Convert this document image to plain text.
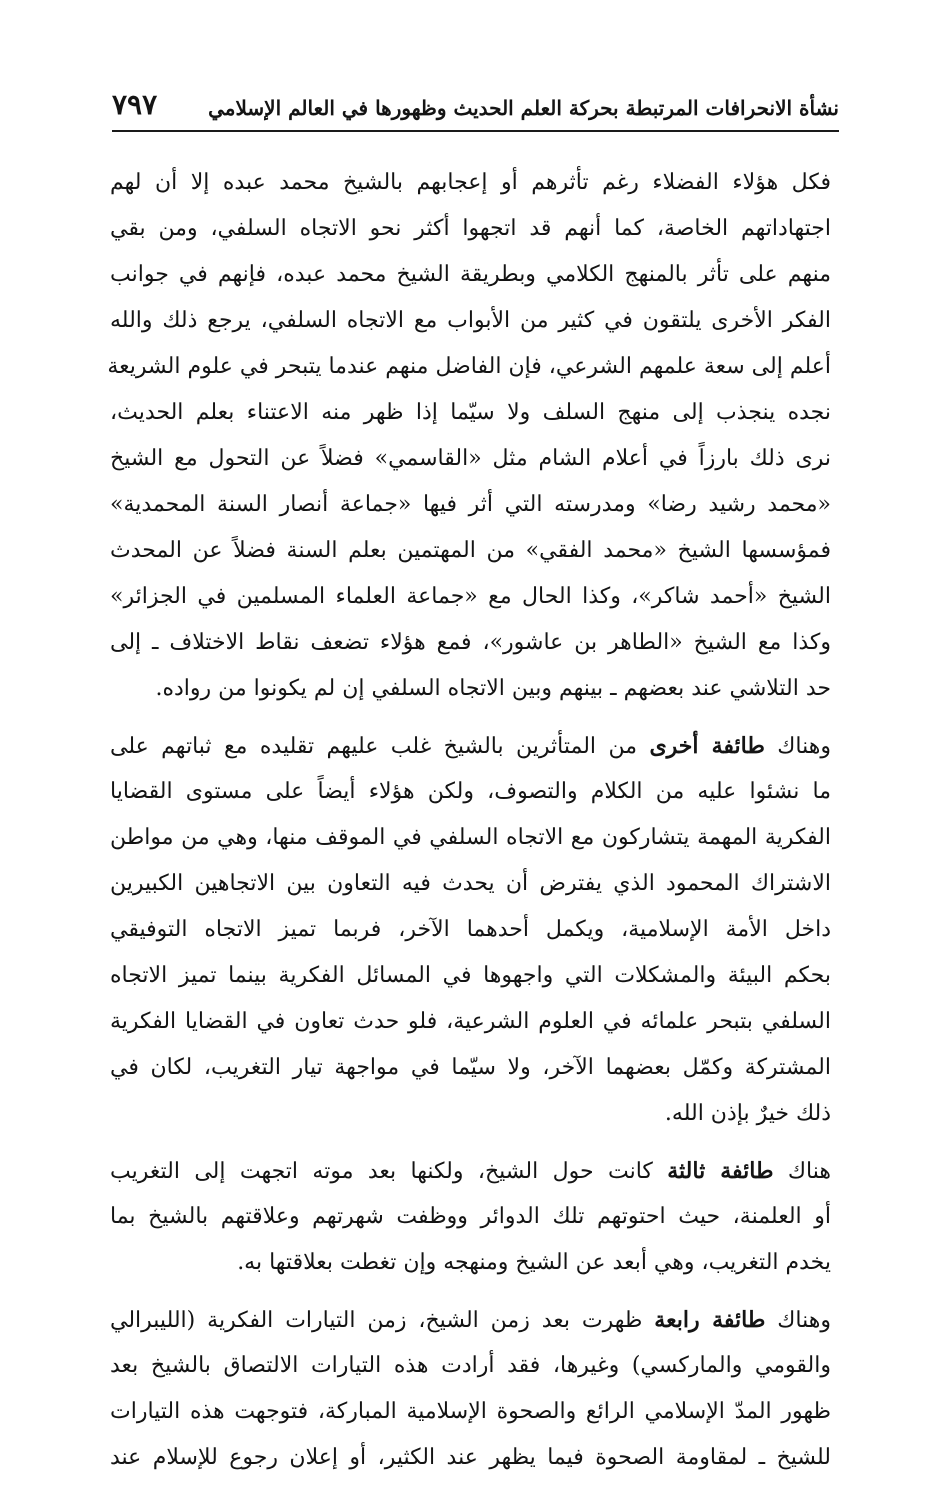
نشأة الانحرافات المرتبطة بحركة العلم الحديث وظهورها في العالم الإسلامي
٧٩٧
فكل هؤلاء الفضلاء رغم تأثرهم أو إعجابهم بالشيخ محمد عبده إلا أن لهم
اجتهاداتهم الخاصة، كما أنهم قد اتجهوا أكثر نحو الاتجاه السلفي، ومن بقي
منهم على تأثر بالمنهج الكلامي وبطريقة الشيخ محمد عبده، فإنهم في جوانب
الفكر الأخرى يلتقون في كثير من الأبواب مع الاتجاه السلفي، يرجع ذلك والله
أعلم إلى سعة علمهم الشرعي، فإن الفاضل منهم عندما يتبحر في علوم الشريعة
نجده ينجذب إلى منهج السلف ولا سيّما إذا ظهر منه الاعتناء بعلم الحديث،
نرى ذلك بارزاً في أعلام الشام مثل «القاسمي» فضلاً عن التحول مع الشيخ
«محمد رشيد رضا» ومدرسته التي أثر فيها «جماعة أنصار السنة المحمدية»
فمؤسسها الشيخ «محمد الفقي» من المهتمين بعلم السنة فضلاً عن المحدث
الشيخ «أحمد شاكر»، وكذا الحال مع «جماعة العلماء المسلمين في الجزائر»
وكذا مع الشيخ «الطاهر بن عاشور»، فمع هؤلاء تضعف نقاط الاختلاف ـ إلى
حد التلاشي عند بعضهم ـ بينهم وبين الاتجاه السلفي إن لم يكونوا من رواده.
وهناك طائفة أخرى من المتأثرين بالشيخ غلب عليهم تقليده مع ثباتهم على
ما نشئوا عليه من الكلام والتصوف، ولكن هؤلاء أيضاً على مستوى القضايا
الفكرية المهمة يتشاركون مع الاتجاه السلفي في الموقف منها، وهي من مواطن
الاشتراك المحمود الذي يفترض أن يحدث فيه التعاون بين الاتجاهين الكبيرين
داخل الأمة الإسلامية، ويكمل أحدهما الآخر، فربما تميز الاتجاه التوفيقي
بحكم البيئة والمشكلات التي واجهوها في المسائل الفكرية بينما تميز الاتجاه
السلفي بتبحر علمائه في العلوم الشرعية، فلو حدث تعاون في القضايا الفكرية
المشتركة وكمّل بعضهما الآخر، ولا سيّما في مواجهة تيار التغريب، لكان في
ذلك خيرٌ بإذن الله.
هناك طائفة ثالثة كانت حول الشيخ، ولكنها بعد موته اتجهت إلى التغريب
أو العلمنة، حيث احتوتهم تلك الدوائر ووظفت شهرتهم وعلاقتهم بالشيخ بما
يخدم التغريب، وهي أبعد عن الشيخ ومنهجه وإن تغطت بعلاقتها به.
وهناك طائفة رابعة ظهرت بعد زمن الشيخ، زمن التيارات الفكرية (الليبرالي
والقومي والماركسي) وغيرها، فقد أرادت هذه التيارات الالتصاق بالشيخ بعد
ظهور المدّ الإسلامي الرائع والصحوة الإسلامية المباركة، فتوجهت هذه التيارات
للشيخ ـ لمقاومة الصحوة فيما يظهر عند الكثير، أو إعلان رجوع للإسلام عند
